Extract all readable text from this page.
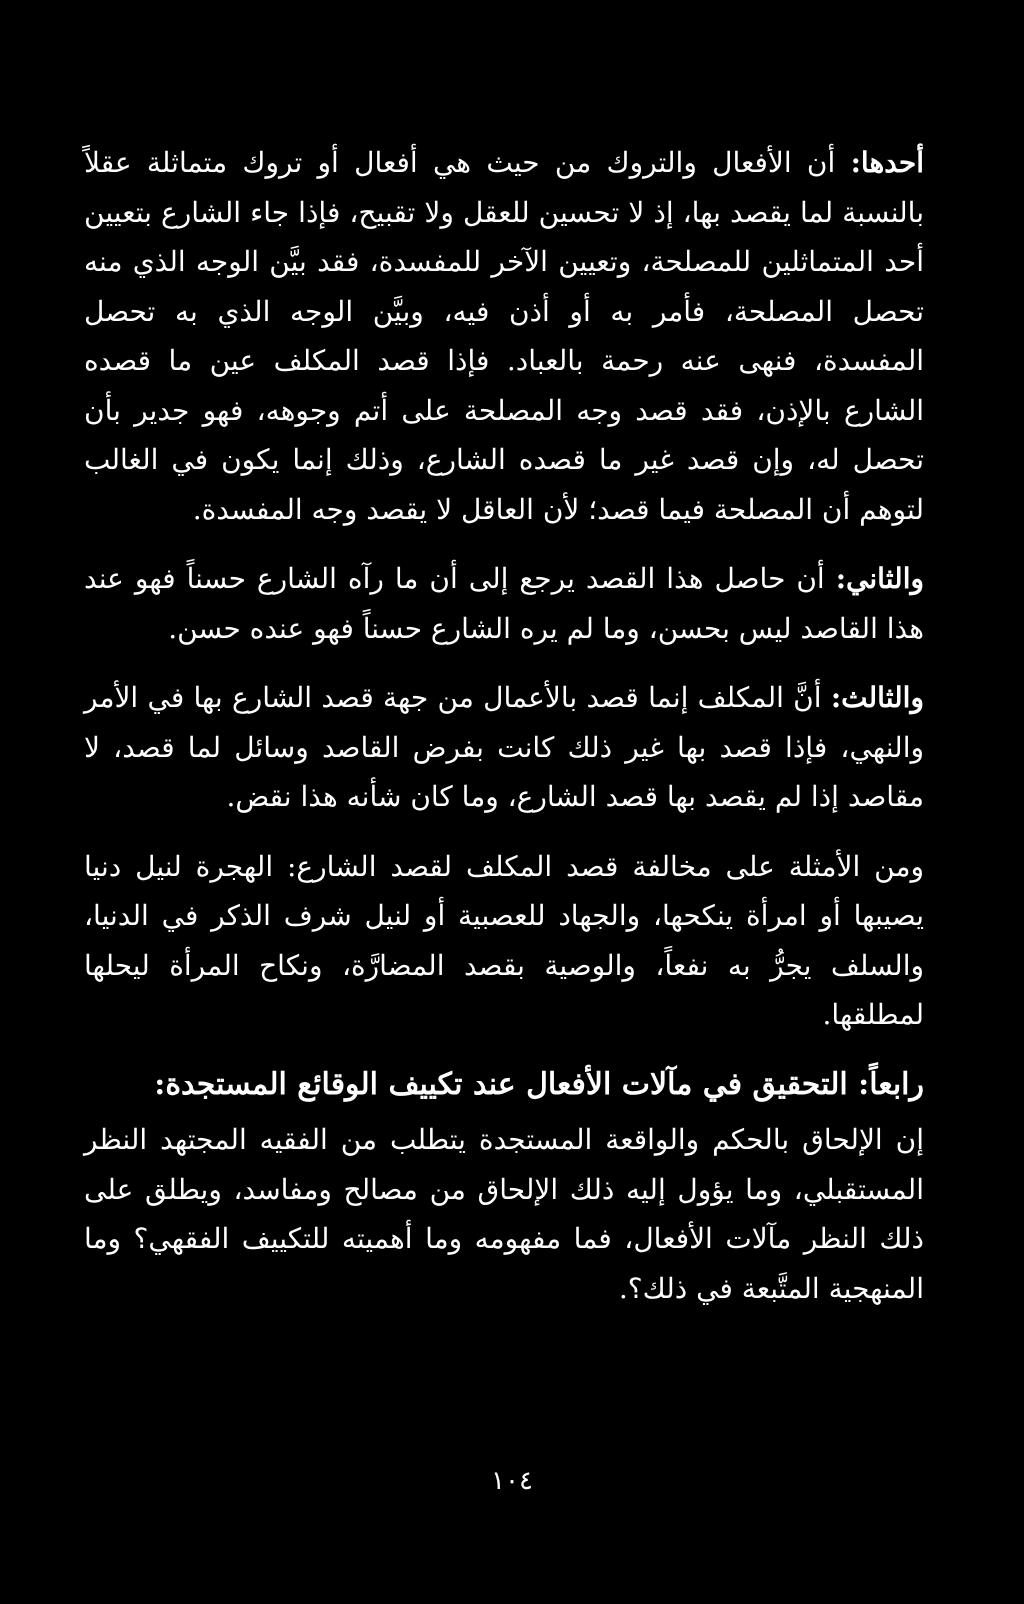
أحدها: أن الأفعال والتروك من حيث هي أفعال أو تروك متماثلة عقلاً بالنسبة لما يقصد بها، إذ لا تحسين للعقل ولا تقبيح، فإذا جاء الشارع بتعيين أحد المتماثلين للمصلحة، وتعيين الآخر للمفسدة، فقد بيَّن الوجه الذي منه تحصل المصلحة، فأمر به أو أذن فيه، وبيَّن الوجه الذي به تحصل المفسدة، فنهى عنه رحمة بالعباد. فإذا قصد المكلف عين ما قصده الشارع بالإذن، فقد قصد وجه المصلحة على أتم وجوهه، فهو جدير بأن تحصل له، وإن قصد غير ما قصده الشارع، وذلك إنما يكون في الغالب لتوهم أن المصلحة فيما قصد؛ لأن العاقل لا يقصد وجه المفسدة.

والثاني: أن حاصل هذا القصد يرجع إلى أن ما رآه الشارع حسناً فهو عند هذا القاصد ليس بحسن، وما لم يره الشارع حسناً فهو عنده حسن.

والثالث: أنَّ المكلف إنما قصد بالأعمال من جهة قصد الشارع بها في الأمر والنهي، فإذا قصد بها غير ذلك كانت بفرض القاصد وسائل لما قصد، لا مقاصد إذا لم يقصد بها قصد الشارع، وما كان شأنه هذا نقض.

ومن الأمثلة على مخالفة قصد المكلف لقصد الشارع: الهجرة لنيل دنيا يصيبها أو امرأة ينكحها، والجهاد للعصبية أو لنيل شرف الذكر في الدنيا، والسلف يجرُّ به نفعاً، والوصية بقصد المضارَّة، ونكاح المرأة ليحلها لمطلقها.

رابعاً: التحقيق في مآلات الأفعال عند تكييف الوقائع المستجدة:

إن الإلحاق بالحكم والواقعة المستجدة يتطلب من الفقيه المجتهد النظر المستقبلي، وما يؤول إليه ذلك الإلحاق من مصالح ومفاسد، ويطلق على ذلك النظر مآلات الأفعال، فما مفهومه وما أهميته للتكييف الفقهي؟ وما المنهجية المتَّبعة في ذلك؟.

١٠٤
